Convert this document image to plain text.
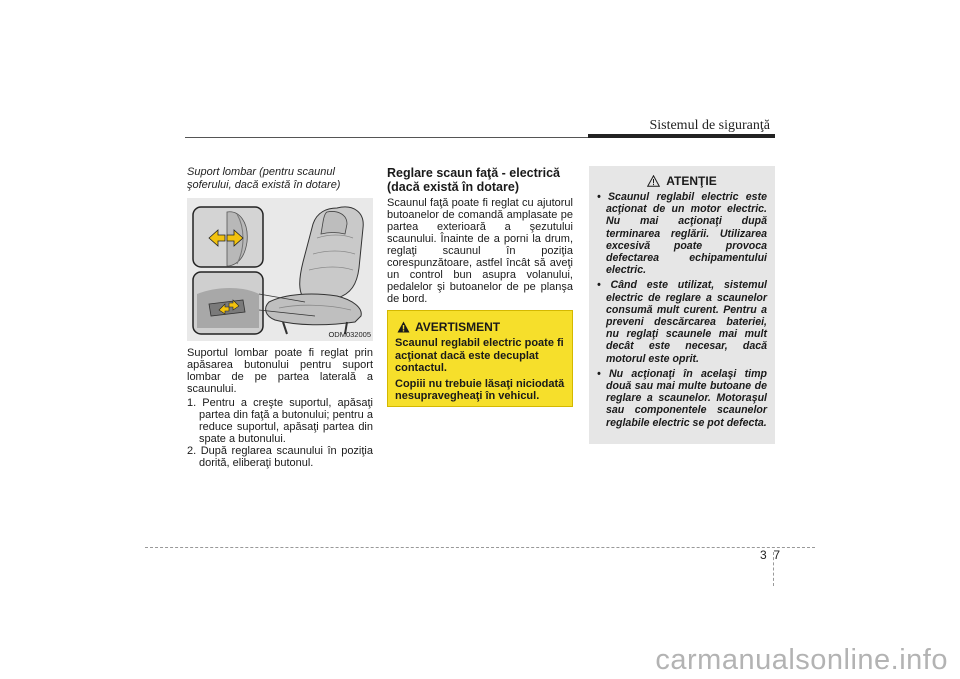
Sistemul de siguranţă
Suport lombar (pentru scaunul şoferului, dacă există în dotare)
ODM032005
Suportul lombar poate fi reglat prin apăsarea butonului pentru suport lombar de pe partea laterală a scaunului.
1. Pentru a creşte suportul, apăsaţi partea din faţă a butonului; pentru a reduce suportul, apăsaţi partea din spate a butonului.
2. După reglarea scaunului în poziţia dorită, eliberaţi butonul.
Reglare scaun faţă - electrică (dacă există în dotare)
Scaunul faţă poate fi reglat cu ajutorul butoanelor de comandă amplasate pe partea exterioară a şezutului scaunului. Înainte de a porni la drum, reglaţi scaunul în poziţia corespunzătoare, astfel încât să aveţi un control bun asupra volanului, pedalelor şi butoanelor de pe planşa de bord.
AVERTISMENT
Scaunul reglabil electric poate fi acţionat dacă este decuplat contactul.
Copiii nu trebuie lăsaţi niciodată nesupravegheaţi în vehicul.
ATENŢIE
• Scaunul reglabil electric este acţionat de un motor electric. Nu mai acţionaţi după terminarea reglării. Utilizarea excesivă poate provoca defectarea echipamentului electric.
• Când este utilizat, sistemul electric de reglare a scaunelor consumă mult curent. Pentru a preveni descărcarea bateriei, nu reglaţi scaunele mai mult decât este necesar, dacă motorul este oprit.
• Nu acţionaţi în acelaşi timp două sau mai multe butoane de reglare a scaunelor. Motoraşul sau componentele scaunelor reglabile electric se pot defecta.
3 7
carmanualsonline.info
